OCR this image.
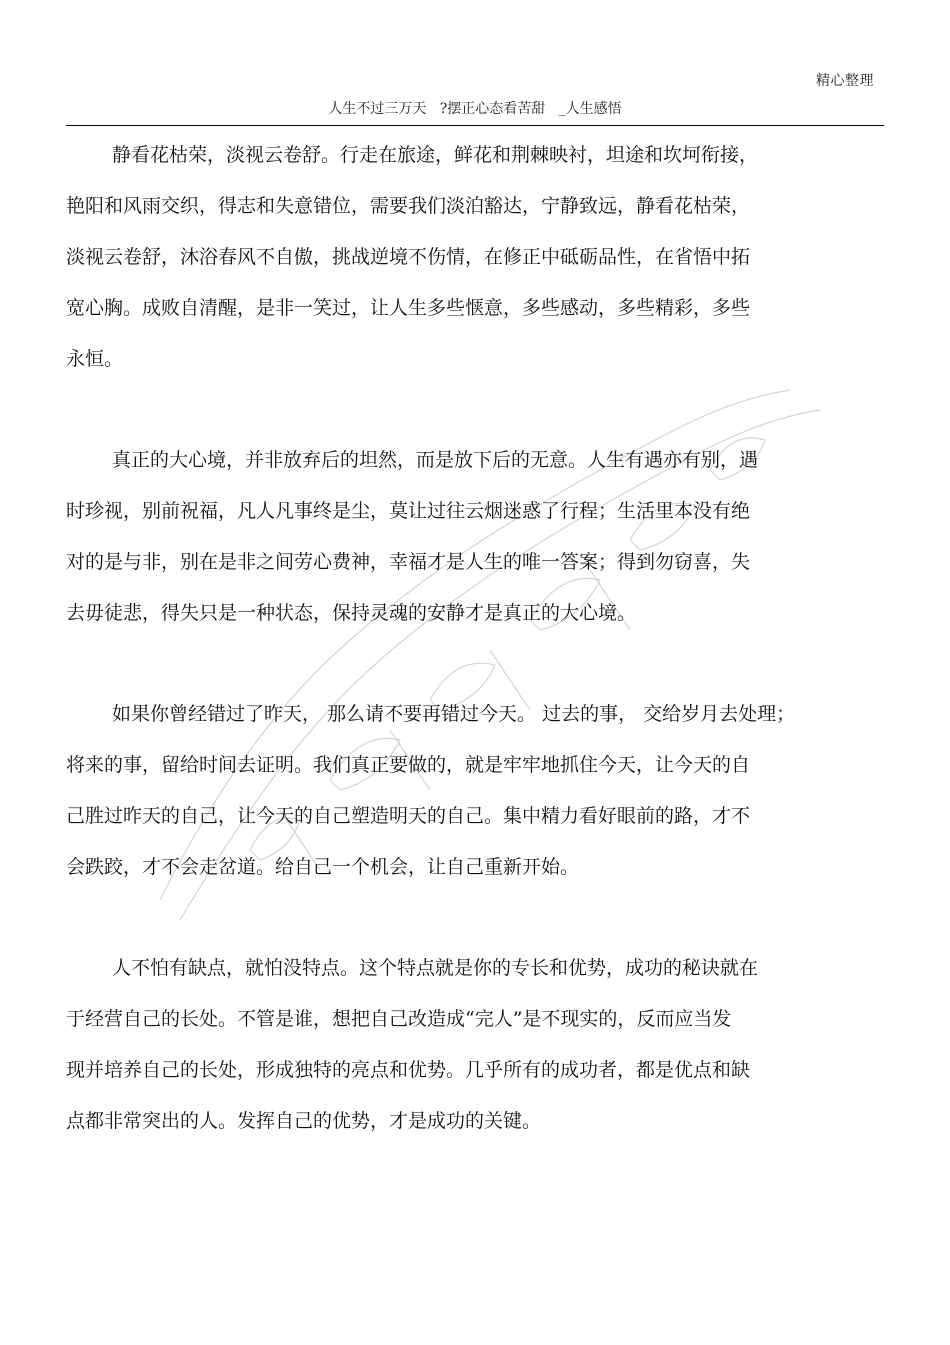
精心整理
人生不过三万天   ?摆正心态看苦甜   _人生感悟

静看花枯荣，淡视云卷舒。行走在旅途，鲜花和荆棘映衬，坦途和坎坷衔接，
艳阳和风雨交织，得志和失意错位，需要我们淡泊豁达，宁静致远，静看花枯荣，
淡视云卷舒，沐浴春风不自傲，挑战逆境不伤情，在修正中砥砺品性，在省悟中拓
宽心胸。成败自清醒，是非一笑过，让人生多些惬意，多些感动，多些精彩，多些
永恒。

真正的大心境，并非放弃后的坦然，而是放下后的无意。人生有遇亦有别，遇
时珍视，别前祝福，凡人凡事终是尘，莫让过往云烟迷惑了行程；生活里本没有绝
对的是与非，别在是非之间劳心费神，幸福才是人生的唯一答案；得到勿窃喜，失
去毋徒悲，得失只是一种状态，保持灵魂的安静才是真正的大心境。

如果你曾经错过了昨天， 那么请不要再错过今天。 过去的事， 交给岁月去处理；
将来的事，留给时间去证明。我们真正要做的，就是牢牢地抓住今天，让今天的自
己胜过昨天的自己，让今天的自己塑造明天的自己。集中精力看好眼前的路，才不
会跌跤，才不会走岔道。给自己一个机会，让自己重新开始。

人不怕有缺点，就怕没特点。这个特点就是你的专长和优势，成功的秘诀就在
于经营自己的长处。不管是谁，想把自己改造成“完人”是不现实的，反而应当发
现并培养自己的长处，形成独特的亮点和优势。几乎所有的成功者，都是优点和缺
点都非常突出的人。发挥自己的优势，才是成功的关键。
